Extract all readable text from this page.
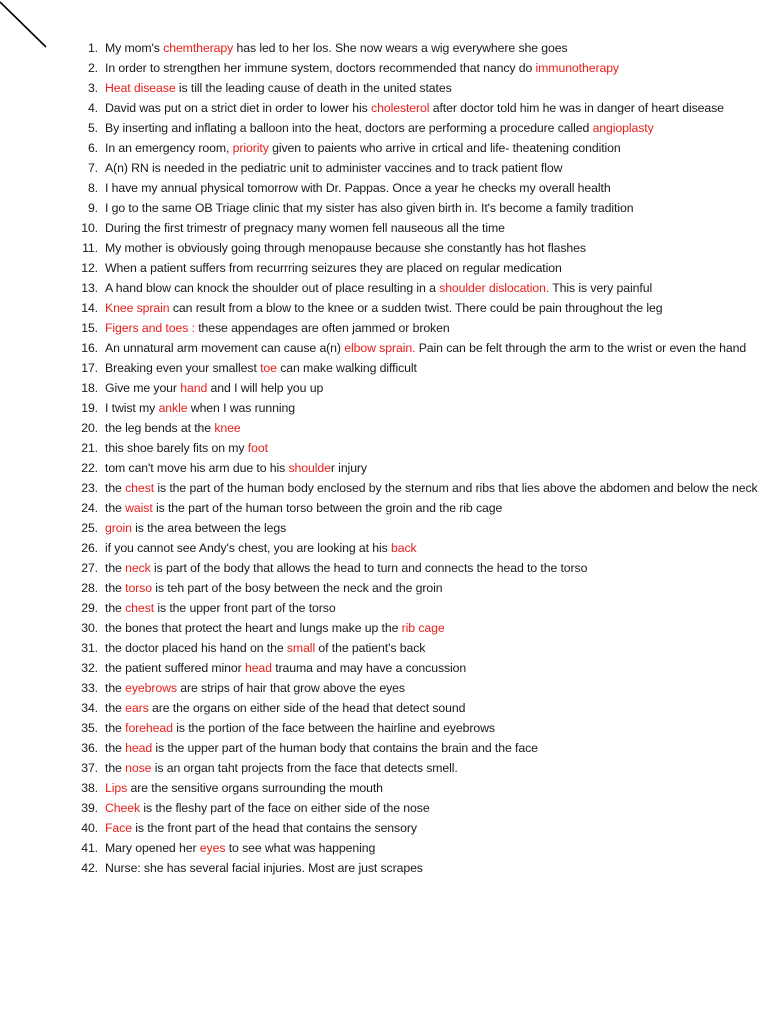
1. My mom's chemtherapy has led to her los. She now wears a wig everywhere she goes
2. In order to strengthen her immune system, doctors recommended that nancy do immunotherapy
3. Heat disease is till the leading cause of death in the united states
4. David was put on a strict diet in order to lower his cholesterol after doctor told him he was in danger of heart disease
5. By inserting and inflating a balloon into the heat, doctors are performing a procedure called angioplasty
6. In an emergency room, priority given to paients who arrive in crtical and life- theatening condition
7. A(n) RN is needed in the pediatric unit to administer vaccines and to track patient flow
8. I have my annual physical tomorrow with Dr. Pappas. Once a year he checks my overall health
9. I go to the same OB Triage clinic that my sister has also given birth in. It's become a family tradition
10. During the first trimestr of pregnacy many women fell nauseous all the time
11. My mother is obviously going through menopause because she constantly has hot flashes
12. When a patient suffers from recurrring seizures they are placed on regular medication
13. A hand blow can knock the shoulder out of place resulting in a shoulder dislocation. This is very painful
14. Knee sprain can result from a blow to the knee or a sudden twist. There could be pain throughout the leg
15. Figers and toes : these appendages are often jammed or broken
16. An unnatural arm movement can cause a(n) elbow sprain. Pain can be felt through the arm to the wrist or even the hand
17. Breaking even your smallest toe can make walking difficult
18. Give me your hand and I will help you up
19. I twist my ankle when I was running
20. the leg bends at the knee
21. this shoe barely fits on my foot
22. tom can't move his arm due to his shoulder injury
23. the chest is the part of the human body enclosed by the sternum and ribs that lies above the abdomen and below the neck
24. the waist is the part of the human torso between the groin and the rib cage
25. groin is the area between the legs
26. if you cannot see Andy's chest, you are looking at his back
27. the neck is part of the body that allows the head to turn and connects the head to the torso
28. the torso is teh part of the bosy between the neck and the groin
29. the chest is the upper front part of the torso
30. the bones that protect the heart and lungs make up the rib cage
31. the doctor placed his hand on the small of the patient's back
32. the patient suffered minor head trauma and may have a concussion
33. the eyebrows are strips of hair that grow above the eyes
34. the ears are the organs on either side of the head that detect sound
35. the forehead is the portion of the face between the hairline and eyebrows
36. the head is the upper part of the human body that contains the brain and the face
37. the nose is an organ taht projects from the face that detects smell.
38. Lips are the sensitive organs surrounding the mouth
39. Cheek is the fleshy part of the face on either side of the nose
40. Face is the front part of the head that contains the sensory
41. Mary opened her eyes to see what was happening
42. Nurse: she has several facial injuries. Most are just scrapes
